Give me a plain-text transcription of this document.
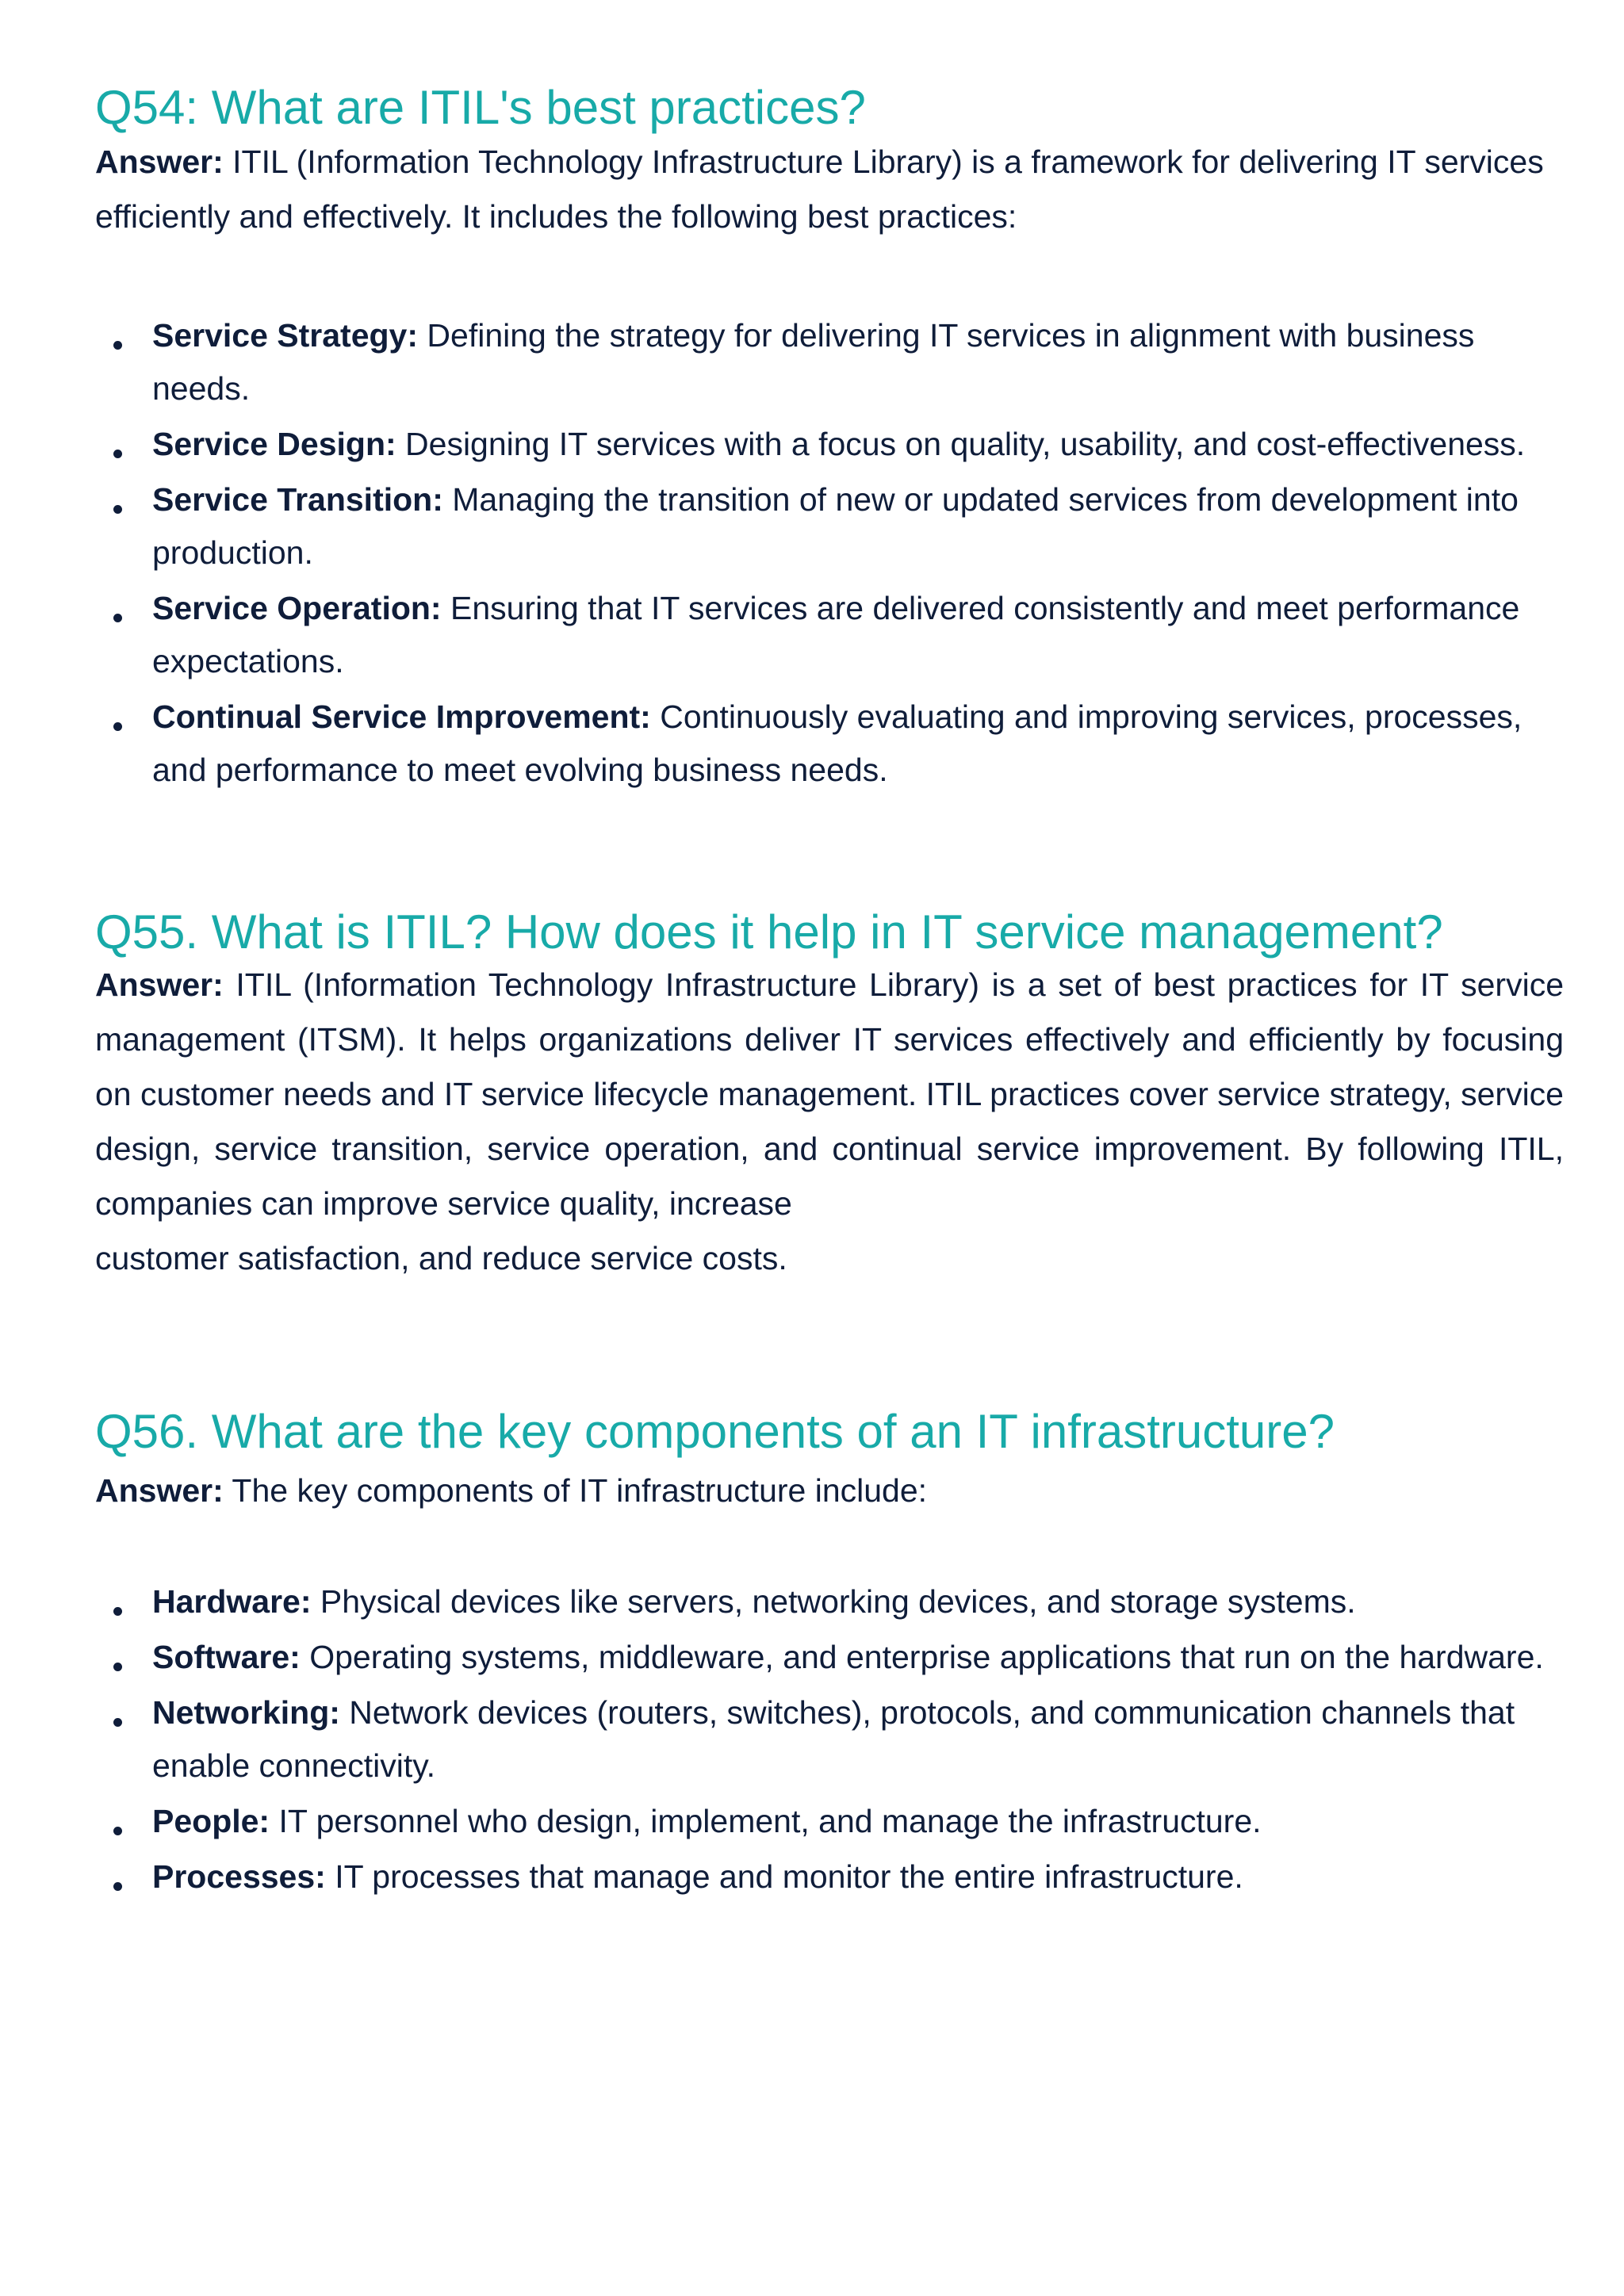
Q54: What are ITIL's best practices?

Answer: ITIL (Information Technology Infrastructure Library) is a framework for delivering IT services efficiently and effectively. It includes the following best practices:

Service Strategy: Defining the strategy for delivering IT services in alignment with business needs.
Service Design: Designing IT services with a focus on quality, usability, and cost-effectiveness.
Service Transition: Managing the transition of new or updated services from development into production.
Service Operation: Ensuring that IT services are delivered consistently and meet performance expectations.
Continual Service Improvement: Continuously evaluating and improving services, processes, and performance to meet evolving business needs.
Q55. What is ITIL? How does it help in IT service management?

Answer: ITIL (Information Technology Infrastructure Library) is a set of best practices for IT service management (ITSM). It helps organizations deliver IT services effectively and efficiently by focusing on customer needs and IT service lifecycle management. ITIL practices cover service strategy, service design, service transition, service operation, and continual service improvement. By following ITIL, companies can improve service quality, increase

customer satisfaction, and reduce service costs.

Q56. What are the key components of an IT infrastructure?

Answer: The key components of IT infrastructure include:

Hardware: Physical devices like servers, networking devices, and storage systems.
Software: Operating systems, middleware, and enterprise applications that run on the hardware.
Networking: Network devices (routers, switches), protocols, and communication channels that enable connectivity.
People: IT personnel who design, implement, and manage the infrastructure.
Processes: IT processes that manage and monitor the entire infrastructure.
